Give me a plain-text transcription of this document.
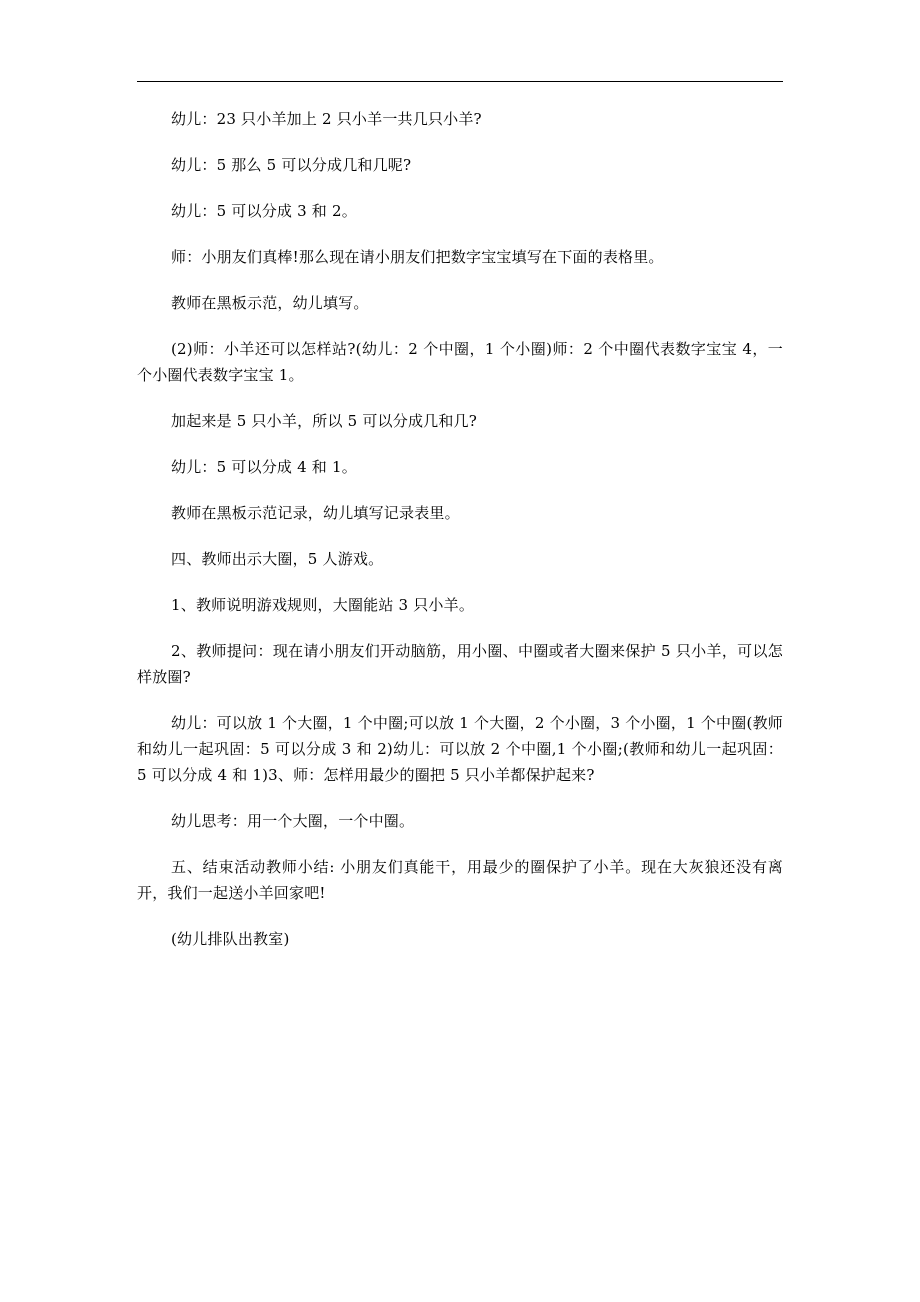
幼儿：23 只小羊加上 2 只小羊一共几只小羊?

幼儿：5 那么 5 可以分成几和几呢?

幼儿：5 可以分成 3 和 2。

师：小朋友们真棒!那么现在请小朋友们把数字宝宝填写在下面的表格里。

教师在黑板示范，幼儿填写。

(2)师：小羊还可以怎样站?(幼儿：2 个中圈，1 个小圈)师：2 个中圈代表数字宝宝 4，一个小圈代表数字宝宝 1。

加起来是 5 只小羊，所以 5 可以分成几和几?

幼儿：5 可以分成 4 和 1。

教师在黑板示范记录，幼儿填写记录表里。

四、教师出示大圈，5 人游戏。

1、教师说明游戏规则，大圈能站 3 只小羊。

2、教师提问：现在请小朋友们开动脑筋，用小圈、中圈或者大圈来保护 5 只小羊，可以怎样放圈?

幼儿：可以放 1 个大圈，1 个中圈;可以放 1 个大圈，2 个小圈，3 个小圈，1 个中圈(教师和幼儿一起巩固：5 可以分成 3 和 2)幼儿：可以放 2 个中圈,1 个小圈;(教师和幼儿一起巩固：5 可以分成 4 和 1)3、师：怎样用最少的圈把 5 只小羊都保护起来?

幼儿思考：用一个大圈，一个中圈。

五、结束活动教师小结: 小朋友们真能干，用最少的圈保护了小羊。现在大灰狼还没有离开，我们一起送小羊回家吧!

(幼儿排队出教室)
